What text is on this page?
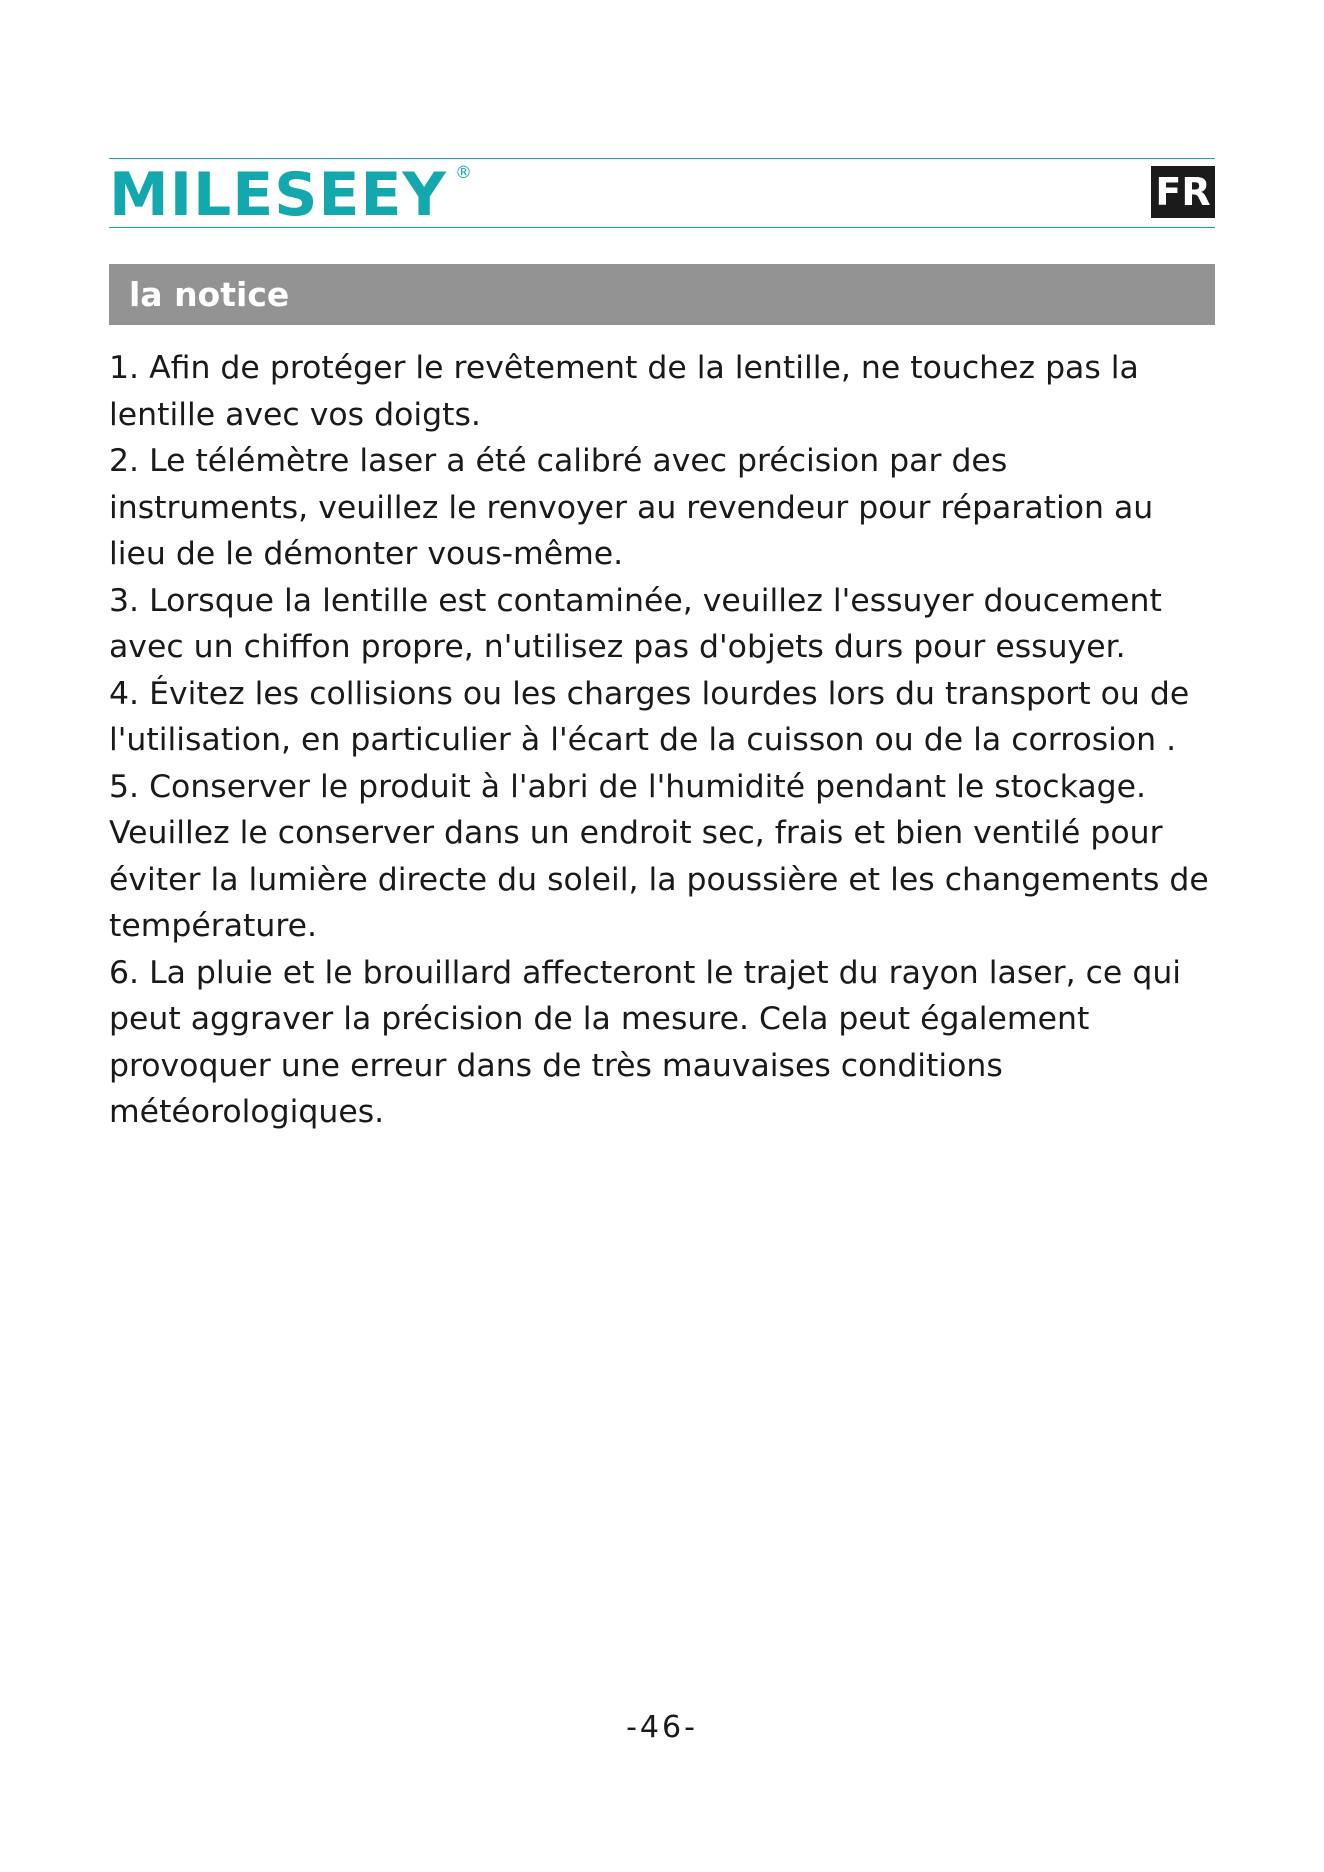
MILESEEY ®	FR
la notice

1. Afin de protéger le revêtement de la lentille, ne touchez pas la lentille avec vos doigts.

2. Le télémètre laser a été calibré avec précision par des instruments, veuillez le renvoyer au revendeur pour réparation au lieu de le démonter vous-même.

3. Lorsque la lentille est contaminée, veuillez l'essuyer doucement avec un chiffon propre, n'utilisez pas d'objets durs pour essuyer.

4. Évitez les collisions ou les charges lourdes lors du transport ou de l'utilisation, en particulier à l'écart de la cuisson ou de la corrosion .

5. Conserver le produit à l'abri de l'humidité pendant le stockage. Veuillez le conserver dans un endroit sec, frais et bien ventilé pour éviter la lumière directe du soleil, la poussière et les changements de température.

6. La pluie et le brouillard affecteront le trajet du rayon laser, ce qui peut aggraver la précision de la mesure. Cela peut également provoquer une erreur dans de très mauvaises conditions météorologiques.

-46-
